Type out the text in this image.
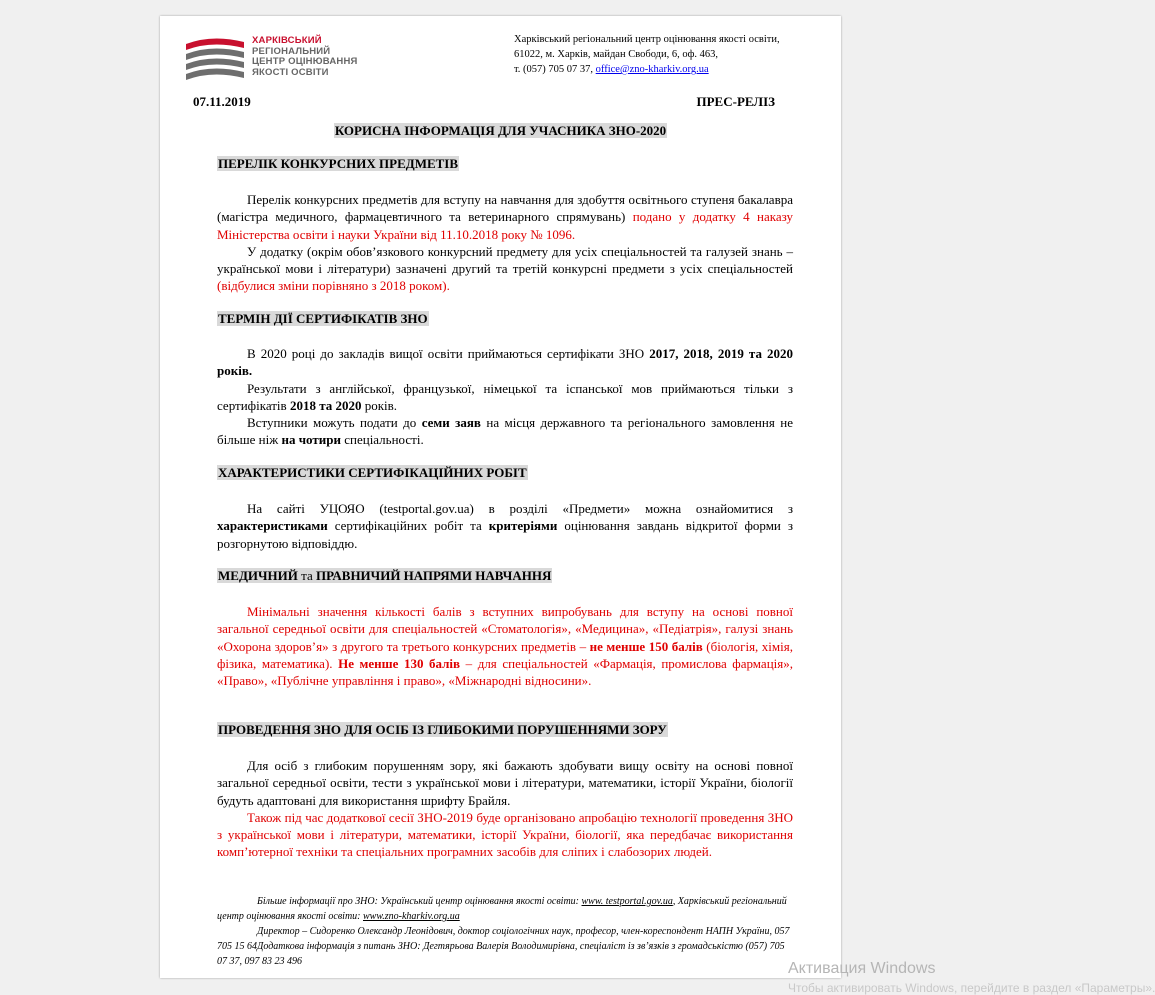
ХАРКІВСЬКИЙ
РЕГІОНАЛЬНИЙ
ЦЕНТР ОЦІНЮВАННЯ
ЯКОСТІ ОСВІТИ
Харківський регіональний центр оцінювання якості освіти,
61022, м. Харків, майдан Свободи, 6, оф. 463,
т. (057) 705 07 37, office@zno-kharkiv.org.ua
07.11.2019	ПРЕС-РЕЛІЗ
КОРИСНА ІНФОРМАЦІЯ ДЛЯ УЧАСНИКА ЗНО-2020
ПЕРЕЛІК КОНКУРСНИХ ПРЕДМЕТІВ

Перелік конкурсних предметів для вступу на навчання для здобуття освітнього ступеня бакалавра (магістра медичного, фармацевтичного та ветеринарного спрямувань) подано у додатку 4 наказу Міністерства освіти і науки України від 11.10.2018 року № 1096.

У додатку (окрім обов’язкового конкурсний предмету для усіх спеціальностей та галузей знань – української мови і літератури) зазначені другий та третій конкурсні предмети з усіх спеціальностей (відбулися зміни порівняно з 2018 роком).

ТЕРМІН ДІЇ СЕРТИФІКАТІВ ЗНО

В 2020 році до закладів вищої освіти приймаються сертифікати ЗНО 2017, 2018, 2019 та 2020 років.

Результати з англійської, французької, німецької та іспанської мов приймаються тільки з сертифікатів 2018 та 2020 років.

Вступники можуть подати до семи заяв на місця державного та регіонального замовлення не більше ніж на чотири спеціальності.

ХАРАКТЕРИСТИКИ СЕРТИФІКАЦІЙНИХ РОБІТ

На сайті УЦОЯО (testportal.gov.ua) в розділі «Предмети» можна ознайомитися з характеристиками сертифікаційних робіт та критеріями оцінювання завдань відкритої форми з розгорнутою відповіддю.

МЕДИЧНИЙ та ПРАВНИЧИЙ НАПРЯМИ НАВЧАННЯ

Мінімальні значення кількості балів з вступних випробувань для вступу на основі повної загальної середньої освіти для спеціальностей «Стоматологія», «Медицина», «Педіатрія», галузі знань «Охорона здоров’я» з другого та третього конкурсних предметів – не менше 150 балів (біологія, хімія, фізика, математика). Не менше 130 балів – для спеціальностей «Фармація, промислова фармація», «Право», «Публічне управління і право», «Міжнародні відносини».

ПРОВЕДЕННЯ ЗНО ДЛЯ ОСІБ ІЗ ГЛИБОКИМИ ПОРУШЕННЯМИ ЗОРУ

Для осіб з глибоким порушенням зору, які бажають здобувати вищу освіту на основі повної загальної середньої освіти, тести з української мови і літератури, математики, історії України, біології будуть адаптовані для використання шрифту Брайля.

Також під час додаткової сесії ЗНО-2019 буде організовано апробацію технології проведення ЗНО з української мови і літератури, математики, історії України, біології, яка передбачає використання комп’ютерної техніки та спеціальних програмних засобів для сліпих і слабозорих людей.

Більше інформації про ЗНО: Український центр оцінювання якості освіти: www. testportal.gov.ua, Харківський регіональний центр оцінювання якості освіти: www.zno-kharkiv.org.ua
Директор – Сидоренко Олександр Леонідович, доктор соціологічних наук, професор, член-кореспондент НАПН України, 057 705 15 64Додаткова інформація з питань ЗНО: Дегтярьова Валерія Володимирівна, спеціаліст із зв’язків з громадськістю (057) 705 07 37, 097 83 23 496	Активация Windows
Чтобы активировать Windows, перейдите в раздел «Параметры».
